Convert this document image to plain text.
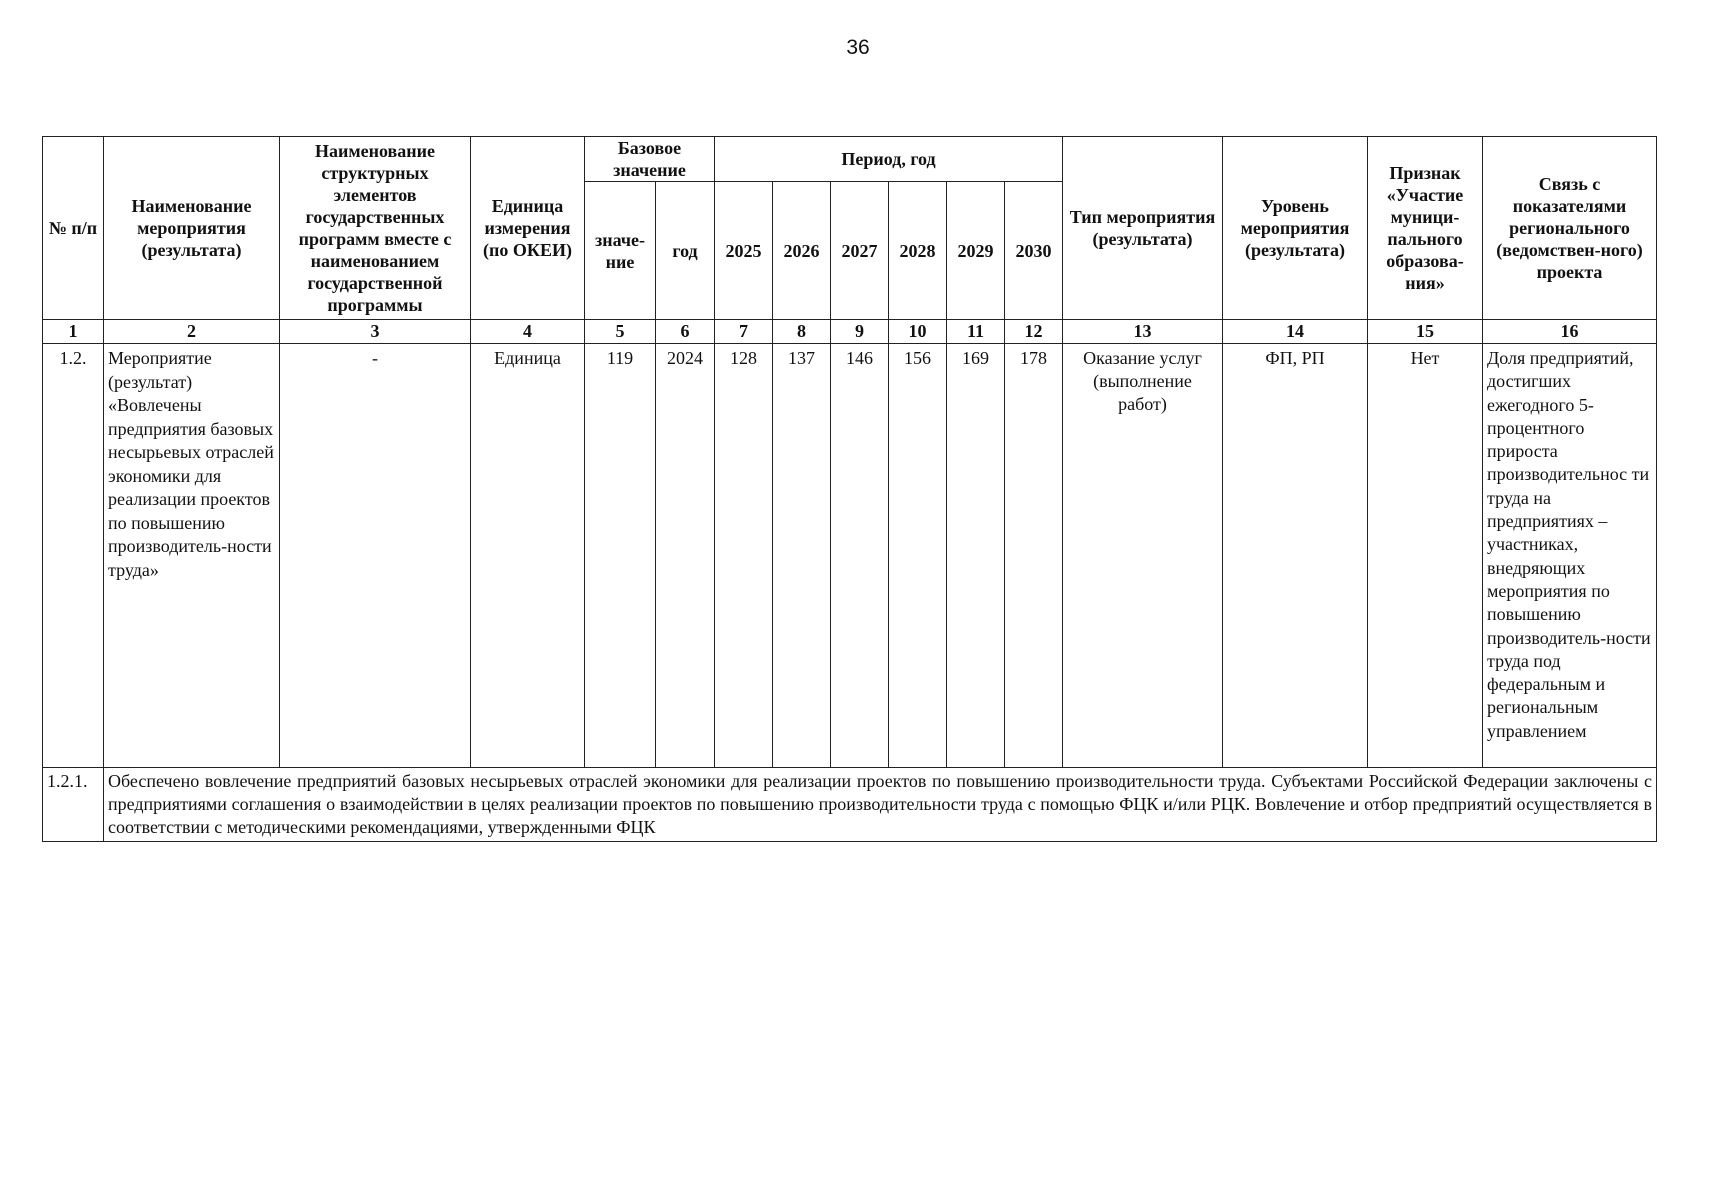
36
№ п/п	Наименование мероприятия (результата)	Наименование структурных элементов государственных программ вместе с наименованием государственной программы	Единица измерения (по ОКЕИ)	Базовое значение		Период, год						Тип мероприятия (результата)	Уровень мероприятия (результата)	Признак «Участие муници-пального образова-ния»	Связь с показателями регионального (ведомствен-ного) проекта
				значе-ние	год	2025	2026	2027	2028	2029	2030				
1	2	3	4	5	6	7	8	9	10	11	12	13	14	15	16
1.2.	Мероприятие (результат) «Вовлечены предприятия базовых несырьевых отраслей экономики для реализации проектов по повышению производитель-ности труда»	-	Единица	119	2024	128	137	146	156	169	178	Оказание услуг (выполнение работ)	ФП, РП	Нет	Доля предприятий, достигших ежегодного 5-процентного прироста производительнос ти труда на предприятиях – участниках, внедряющих мероприятия по повышению производитель-ности труда под федеральным и региональным управлением
1.2.1.	Обеспечено вовлечение предприятий базовых несырьевых отраслей экономики для реализации проектов по повышению производительности труда. Субъектами Российской Федерации заключены с предприятиями соглашения о взаимодействии в целях реализации проектов по повышению производительности труда с помощью ФЦК и/или РЦК. Вовлечение и отбор предприятий осуществляется в соответствии с методическими рекомендациями, утвержденными ФЦК														
